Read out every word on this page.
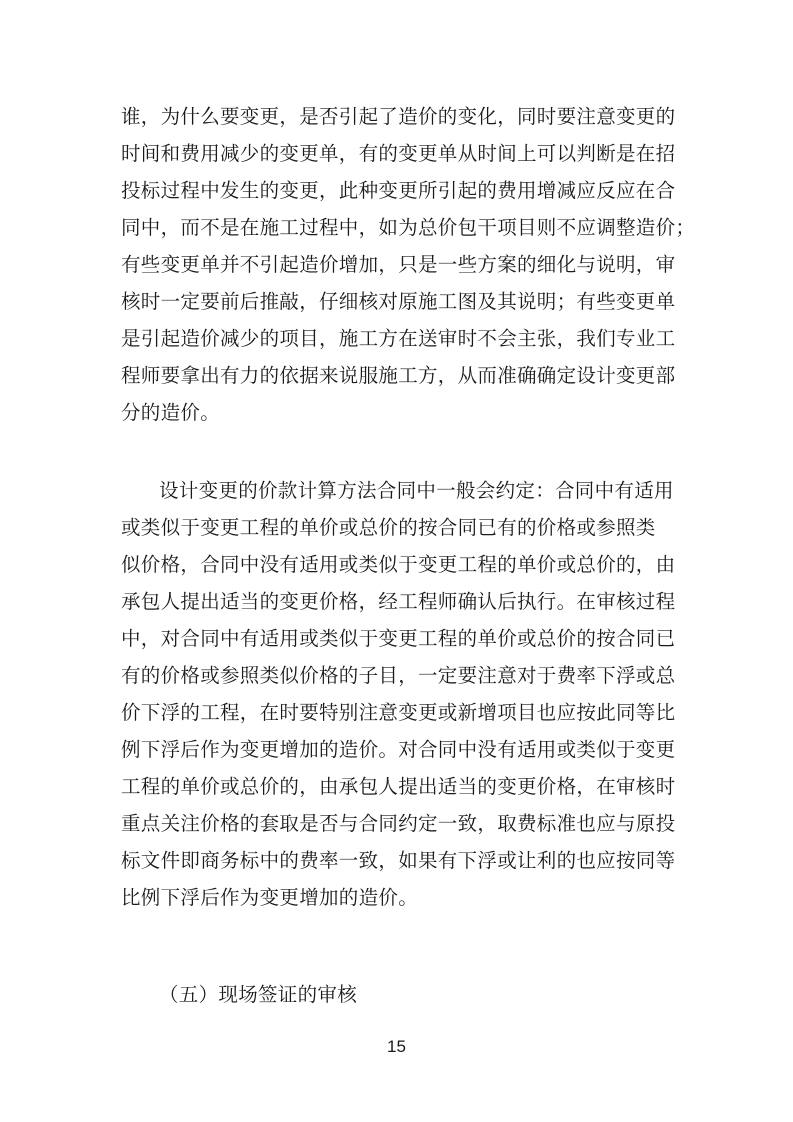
谁，为什么要变更，是否引起了造价的变化，同时要注意变更的
时间和费用减少的变更单，有的变更单从时间上可以判断是在招
投标过程中发生的变更，此种变更所引起的费用增减应反应在合
同中，而不是在施工过程中，如为总价包干项目则不应调整造价；
有些变更单并不引起造价增加，只是一些方案的细化与说明，审
核时一定要前后推敲，仔细核对原施工图及其说明；有些变更单
是引起造价减少的项目，施工方在送审时不会主张，我们专业工
程师要拿出有力的依据来说服施工方，从而准确确定设计变更部
分的造价。
设计变更的价款计算方法合同中一般会约定：合同中有适用
或类似于变更工程的单价或总价的按合同已有的价格或参照类
似价格，合同中没有适用或类似于变更工程的单价或总价的，由
承包人提出适当的变更价格，经工程师确认后执行。在审核过程
中，对合同中有适用或类似于变更工程的单价或总价的按合同已
有的价格或参照类似价格的子目，一定要注意对于费率下浮或总
价下浮的工程，在时要特别注意变更或新增项目也应按此同等比
例下浮后作为变更增加的造价。对合同中没有适用或类似于变更
工程的单价或总价的，由承包人提出适当的变更价格，在审核时
重点关注价格的套取是否与合同约定一致，取费标准也应与原投
标文件即商务标中的费率一致，如果有下浮或让利的也应按同等
比例下浮后作为变更增加的造价。
（五）现场签证的审核
15
